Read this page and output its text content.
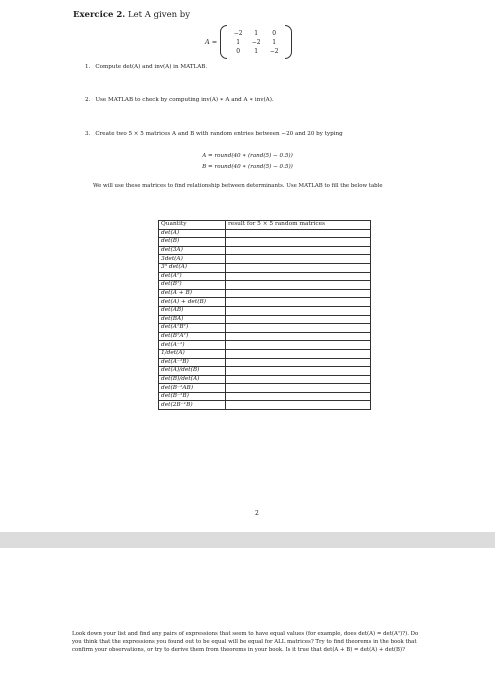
Exercice 2. Let A given by
A =
−2	1	0
1	−2	1
0	1	−2
1. Compute det(A) and inv(A) in MATLAB.
2. Use MATLAB to check by computing inv(A) ∗ A and A ∗ inv(A).
3. Create two 5 × 5 matrices A and B with random entries between −20 and 20 by typing
A = round(40 ∗ (rand(5) − 0.5))
B = round(40 ∗ (rand(5) − 0.5))
We will use these matrices to find relationship between determinants. Use MATLAB to fill the below table
Quantity	result for 5 × 5 random matrices
det(A)	
det(B)	
det(3A)	
3det(A)	
3⁵ det(A)	
det(Aᵀ)	
det(Bᵀ)	
det(A + B)	
det(A) + det(B)	
det(AB)	
det(BA)	
det(AᵀBᵀ)	
det(BᵀAᵀ)	
det(A⁻¹)	
1/det(A)	
det(A⁻¹B)	
det(A)/det(B)	
det(B)/det(A)	
det(B⁻¹AB)	
det(B⁻¹B)	
det(2B⁻¹B)	
2
Look down your list and find any pairs of expressions that seem to have equal values (for example, does det(A) = det(Aᵀ)?). Do you think that the expressions you found out to be equal will be equal for ALL matrices? Try to find theorems in the book that confirm your observations, or try to derive them from theorems in your book. Is it true that det(A + B) = det(A) + det(B)?
